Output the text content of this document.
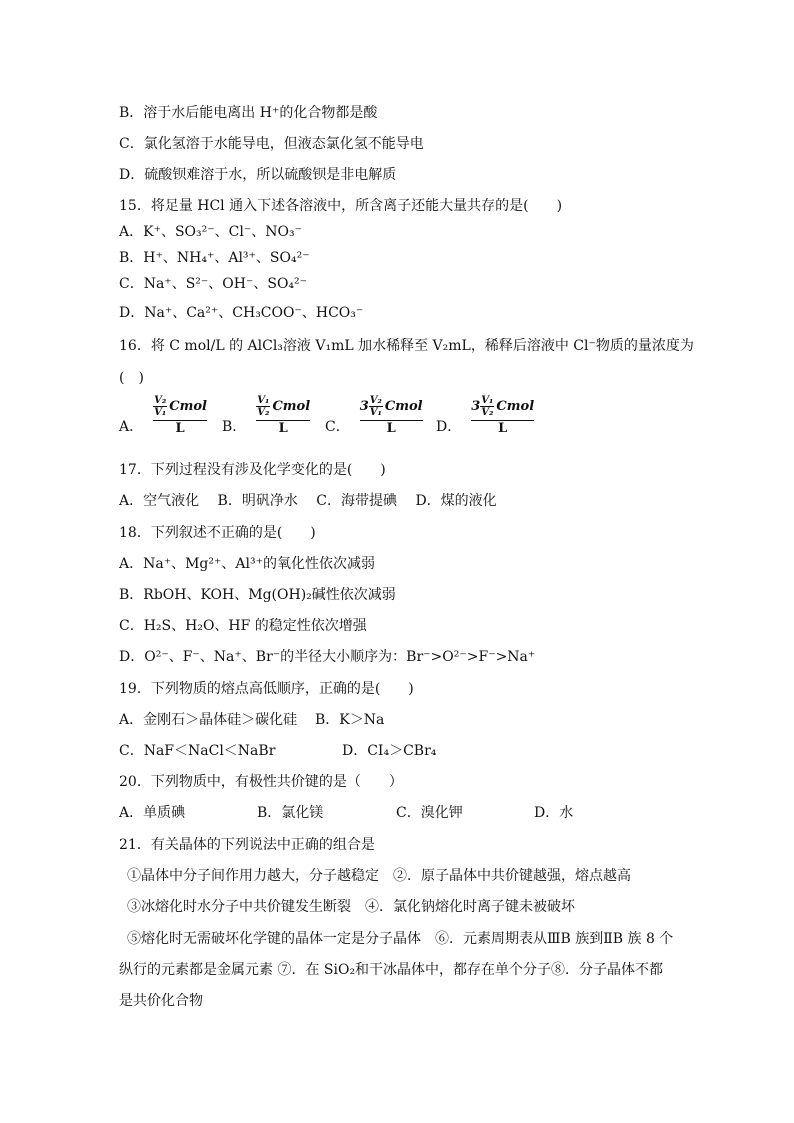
B．溶于水后能电离出 H⁺的化合物都是酸
C．氯化氢溶于水能导电，但液态氯化氢不能导电
D．硫酸钡难溶于水，所以硫酸钡是非电解质
15．将足量 HCl 通入下述各溶液中，所含离子还能大量共存的是(　　)
A．K⁺、SO₃²⁻、Cl⁻、NO₃⁻
B．H⁺、NH₄⁺、Al³⁺、SO₄²⁻
C．Na⁺、S²⁻、OH⁻、SO₄²⁻
D．Na⁺、Ca²⁺、CH₃COO⁻、HCO₃⁻
16．将 C mol/L 的 AlCl₃溶液 V₁mL 加水稀释至 V₂mL，稀释后溶液中 Cl⁻物质的量浓度为
(　)
A．
$\frac{\text{V₂}}{\text{V₁}}$ Cmol
L	B．
$\frac{\text{V₁}}{\text{V₂}}$ Cmol
L	C．
$3 \frac{\text{V₂}}{\text{V₁}}$ Cmol
L	D．
$3 \frac{\text{V₁}}{\text{V₂}}$ Cmol
L
17．下列过程没有涉及化学变化的是(　　)
A．空气液化　 B．明矾净水　 C．海带提碘　 D．煤的液化
18．下列叙述不正确的是(　　)
A．Na⁺、Mg²⁺、Al³⁺的氧化性依次减弱
B．RbOH、KOH、Mg(OH)₂碱性依次减弱
C．H₂S、H₂O、HF 的稳定性依次增强
D．O²⁻、F⁻、Na⁺、Br⁻的半径大小顺序为：Br⁻>O²⁻>F⁻>Na⁺
19．下列物质的熔点高低顺序，正确的是(　　)
A．金刚石＞晶体硅＞碳化硅 B．K＞Na
C．NaF＜NaCl＜NaBr	D．CI₄＞CBr₄
20．下列物质中，有极性共价键的是（　　）
A．单质碘	B．氯化镁	C．溴化钾	D．水
21．有关晶体的下列说法中正确的组合是
①晶体中分子间作用力越大，分子越稳定　②．原子晶体中共价键越强，熔点越高
③冰熔化时水分子中共价键发生断裂　④．氯化钠熔化时离子键未被破坏
⑤熔化时无需破坏化学键的晶体一定是分子晶体　⑥．元素周期表从ⅢB 族到ⅡB 族 8 个
纵行的元素都是金属元素 ⑦．在 SiO₂和干冰晶体中，都存在单个分子⑧．分子晶体不都
是共价化合物
